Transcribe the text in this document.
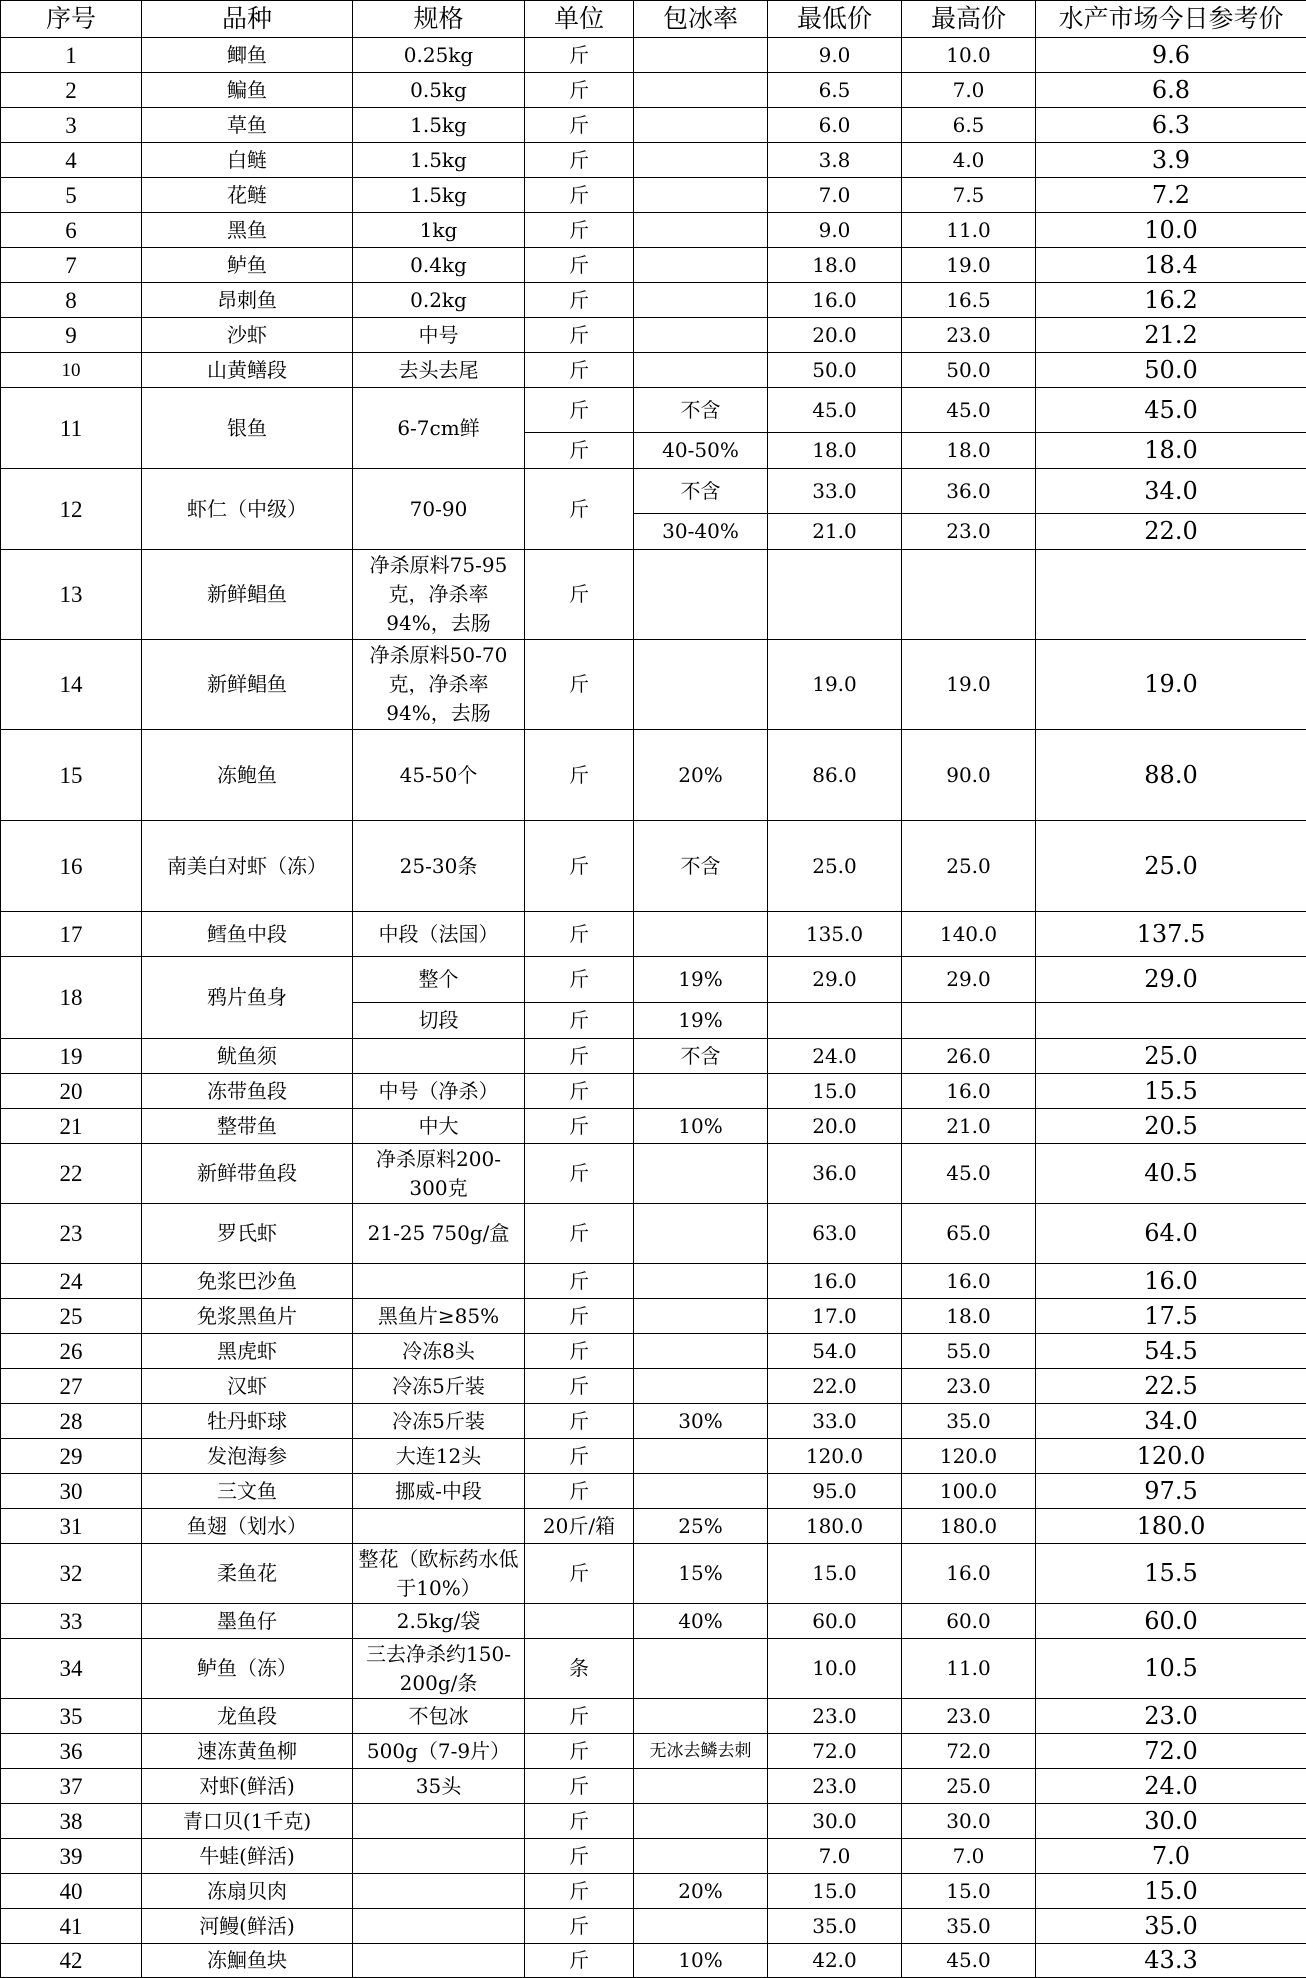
序号	品种	规格	单位	包冰率	最低价	最高价	水产市场今日参考价
1	鲫鱼	0.25kg	斤		9.0	10.0	9.6
2	鳊鱼	0.5kg	斤		6.5	7.0	6.8
3	草鱼	1.5kg	斤		6.0	6.5	6.3
4	白鲢	1.5kg	斤		3.8	4.0	3.9
5	花鲢	1.5kg	斤		7.0	7.5	7.2
6	黑鱼	1kg	斤		9.0	11.0	10.0
7	鲈鱼	0.4kg	斤		18.0	19.0	18.4
8	昂刺鱼	0.2kg	斤		16.0	16.5	16.2
9	沙虾	中号	斤		20.0	23.0	21.2
10	山黄鳝段	去头去尾	斤		50.0	50.0	50.0
11	银鱼	6-7cm鲜	斤	不含	45.0	45.0	45.0
			斤	40-50%	18.0	18.0	18.0
12	虾仁（中级）	70-90	斤	不含	33.0	36.0	34.0
				30-40%	21.0	23.0	22.0
13	新鲜鲳鱼	净杀原料75-95克，净杀率94%，去肠	斤				
14	新鲜鲳鱼	净杀原料50-70克，净杀率94%，去肠	斤		19.0	19.0	19.0
15	冻鲍鱼	45-50个	斤	20%	86.0	90.0	88.0
16	南美白对虾（冻）	25-30条	斤	不含	25.0	25.0	25.0
17	鳕鱼中段	中段（法国）	斤		135.0	140.0	137.5
18	鸦片鱼身	整个	斤	19%	29.0	29.0	29.0
		切段	斤	19%			
19	鱿鱼须		斤	不含	24.0	26.0	25.0
20	冻带鱼段	中号（净杀）	斤		15.0	16.0	15.5
21	整带鱼	中大	斤	10%	20.0	21.0	20.5
22	新鲜带鱼段	净杀原料200-300克	斤		36.0	45.0	40.5
23	罗氏虾	21-25 750g/盒	斤		63.0	65.0	64.0
24	免浆巴沙鱼		斤		16.0	16.0	16.0
25	免浆黑鱼片	黑鱼片≥85%	斤		17.0	18.0	17.5
26	黑虎虾	冷冻8头	斤		54.0	55.0	54.5
27	汉虾	冷冻5斤装	斤		22.0	23.0	22.5
28	牡丹虾球	冷冻5斤装	斤	30%	33.0	35.0	34.0
29	发泡海参	大连12头	斤		120.0	120.0	120.0
30	三文鱼	挪威-中段	斤		95.0	100.0	97.5
31	鱼翅（划水）		20斤/箱	25%	180.0	180.0	180.0
32	柔鱼花	整花（欧标药水低于10%）	斤	15%	15.0	16.0	15.5
33	墨鱼仔	2.5kg/袋		40%	60.0	60.0	60.0
34	鲈鱼（冻）	三去净杀约150-200g/条	条		10.0	11.0	10.5
35	龙鱼段	不包冰	斤		23.0	23.0	23.0
36	速冻黄鱼柳	500g（7-9片）	斤	无冰去鳞去刺	72.0	72.0	72.0
37	对虾(鲜活)	35头	斤		23.0	25.0	24.0
38	青口贝(1千克)		斤		30.0	30.0	30.0
39	牛蛙(鲜活)		斤		7.0	7.0	7.0
40	冻扇贝肉		斤	20%	15.0	15.0	15.0
41	河鳗(鲜活)		斤		35.0	35.0	35.0
42	冻鮰鱼块		斤	10%	42.0	45.0	43.3
